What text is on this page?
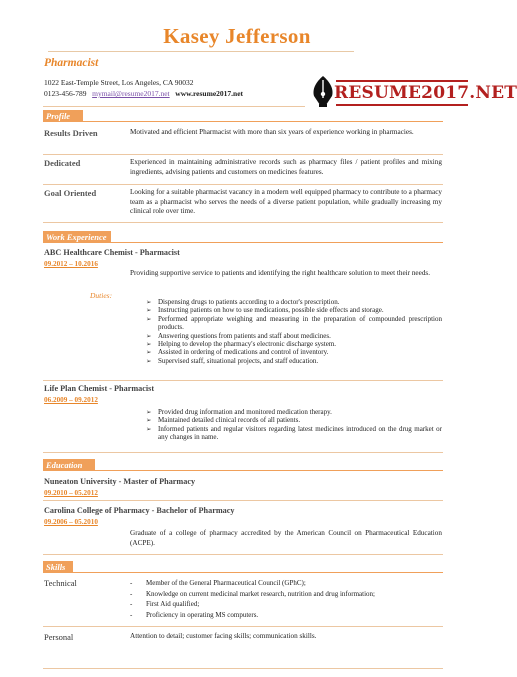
Kasey Jefferson
Pharmacist
1022 East-Temple Street, Los Angeles, CA 90032
0123-456-789 mymail@resume2017.net www.resume2017.net	RESUME2017.NET
Profile
Results Driven	Motivated and efficient Pharmacist with more than six years of experience working in pharmacies.
Dedicated	Experienced in maintaining administrative records such as pharmacy files / patient profiles and mixing ingredients, advising patients and customers on medicines features.
Goal Oriented	Looking for a suitable pharmacist vacancy in a modern well equipped pharmacy to contribute to a pharmacy team as a pharmacist who serves the needs of a diverse patient population, while gradually increasing my clinical role over time.
Work Experience
ABC Healthcare Chemist - Pharmacist
09.2012 – 10.2016
Providing supportive service to patients and identifying the right healthcare solution to meet their needs.
Duties:
➢ Dispensing drugs to patients according to a doctor's prescription.
➢ Instructing patients on how to use medications, possible side effects and storage.
➢ Performed appropriate weighing and measuring in the preparation of compounded prescription products.
➢ Answering questions from patients and staff about medicines.
➢ Helping to develop the pharmacy's electronic discharge system.
➢ Assisted in ordering of medications and control of inventory.
➢ Supervised staff, situational projects, and staff education.
Life Plan Chemist - Pharmacist
06.2009 – 09.2012
➢ Provided drug information and monitored medication therapy.
➢ Maintained detailed clinical records of all patients.
➢ Informed patients and regular visitors regarding latest medicines introduced on the drug market or any changes in name.
Education
Nuneaton University - Master of Pharmacy
09.2010 – 05.2012
Carolina College of Pharmacy - Bachelor of Pharmacy
09.2006 – 05.2010
Graduate of a college of pharmacy accredited by the American Council on Pharmaceutical Education (ACPE).
Skills
Technical
-	Member of the General Pharmaceutical Council (GPhC);
- Knowledge on current medicinal market research, nutrition and drug information;
- First Aid qualified;
- Proficiency in operating MS computers.
Personal	Attention to detail; customer facing skills; communication skills.
